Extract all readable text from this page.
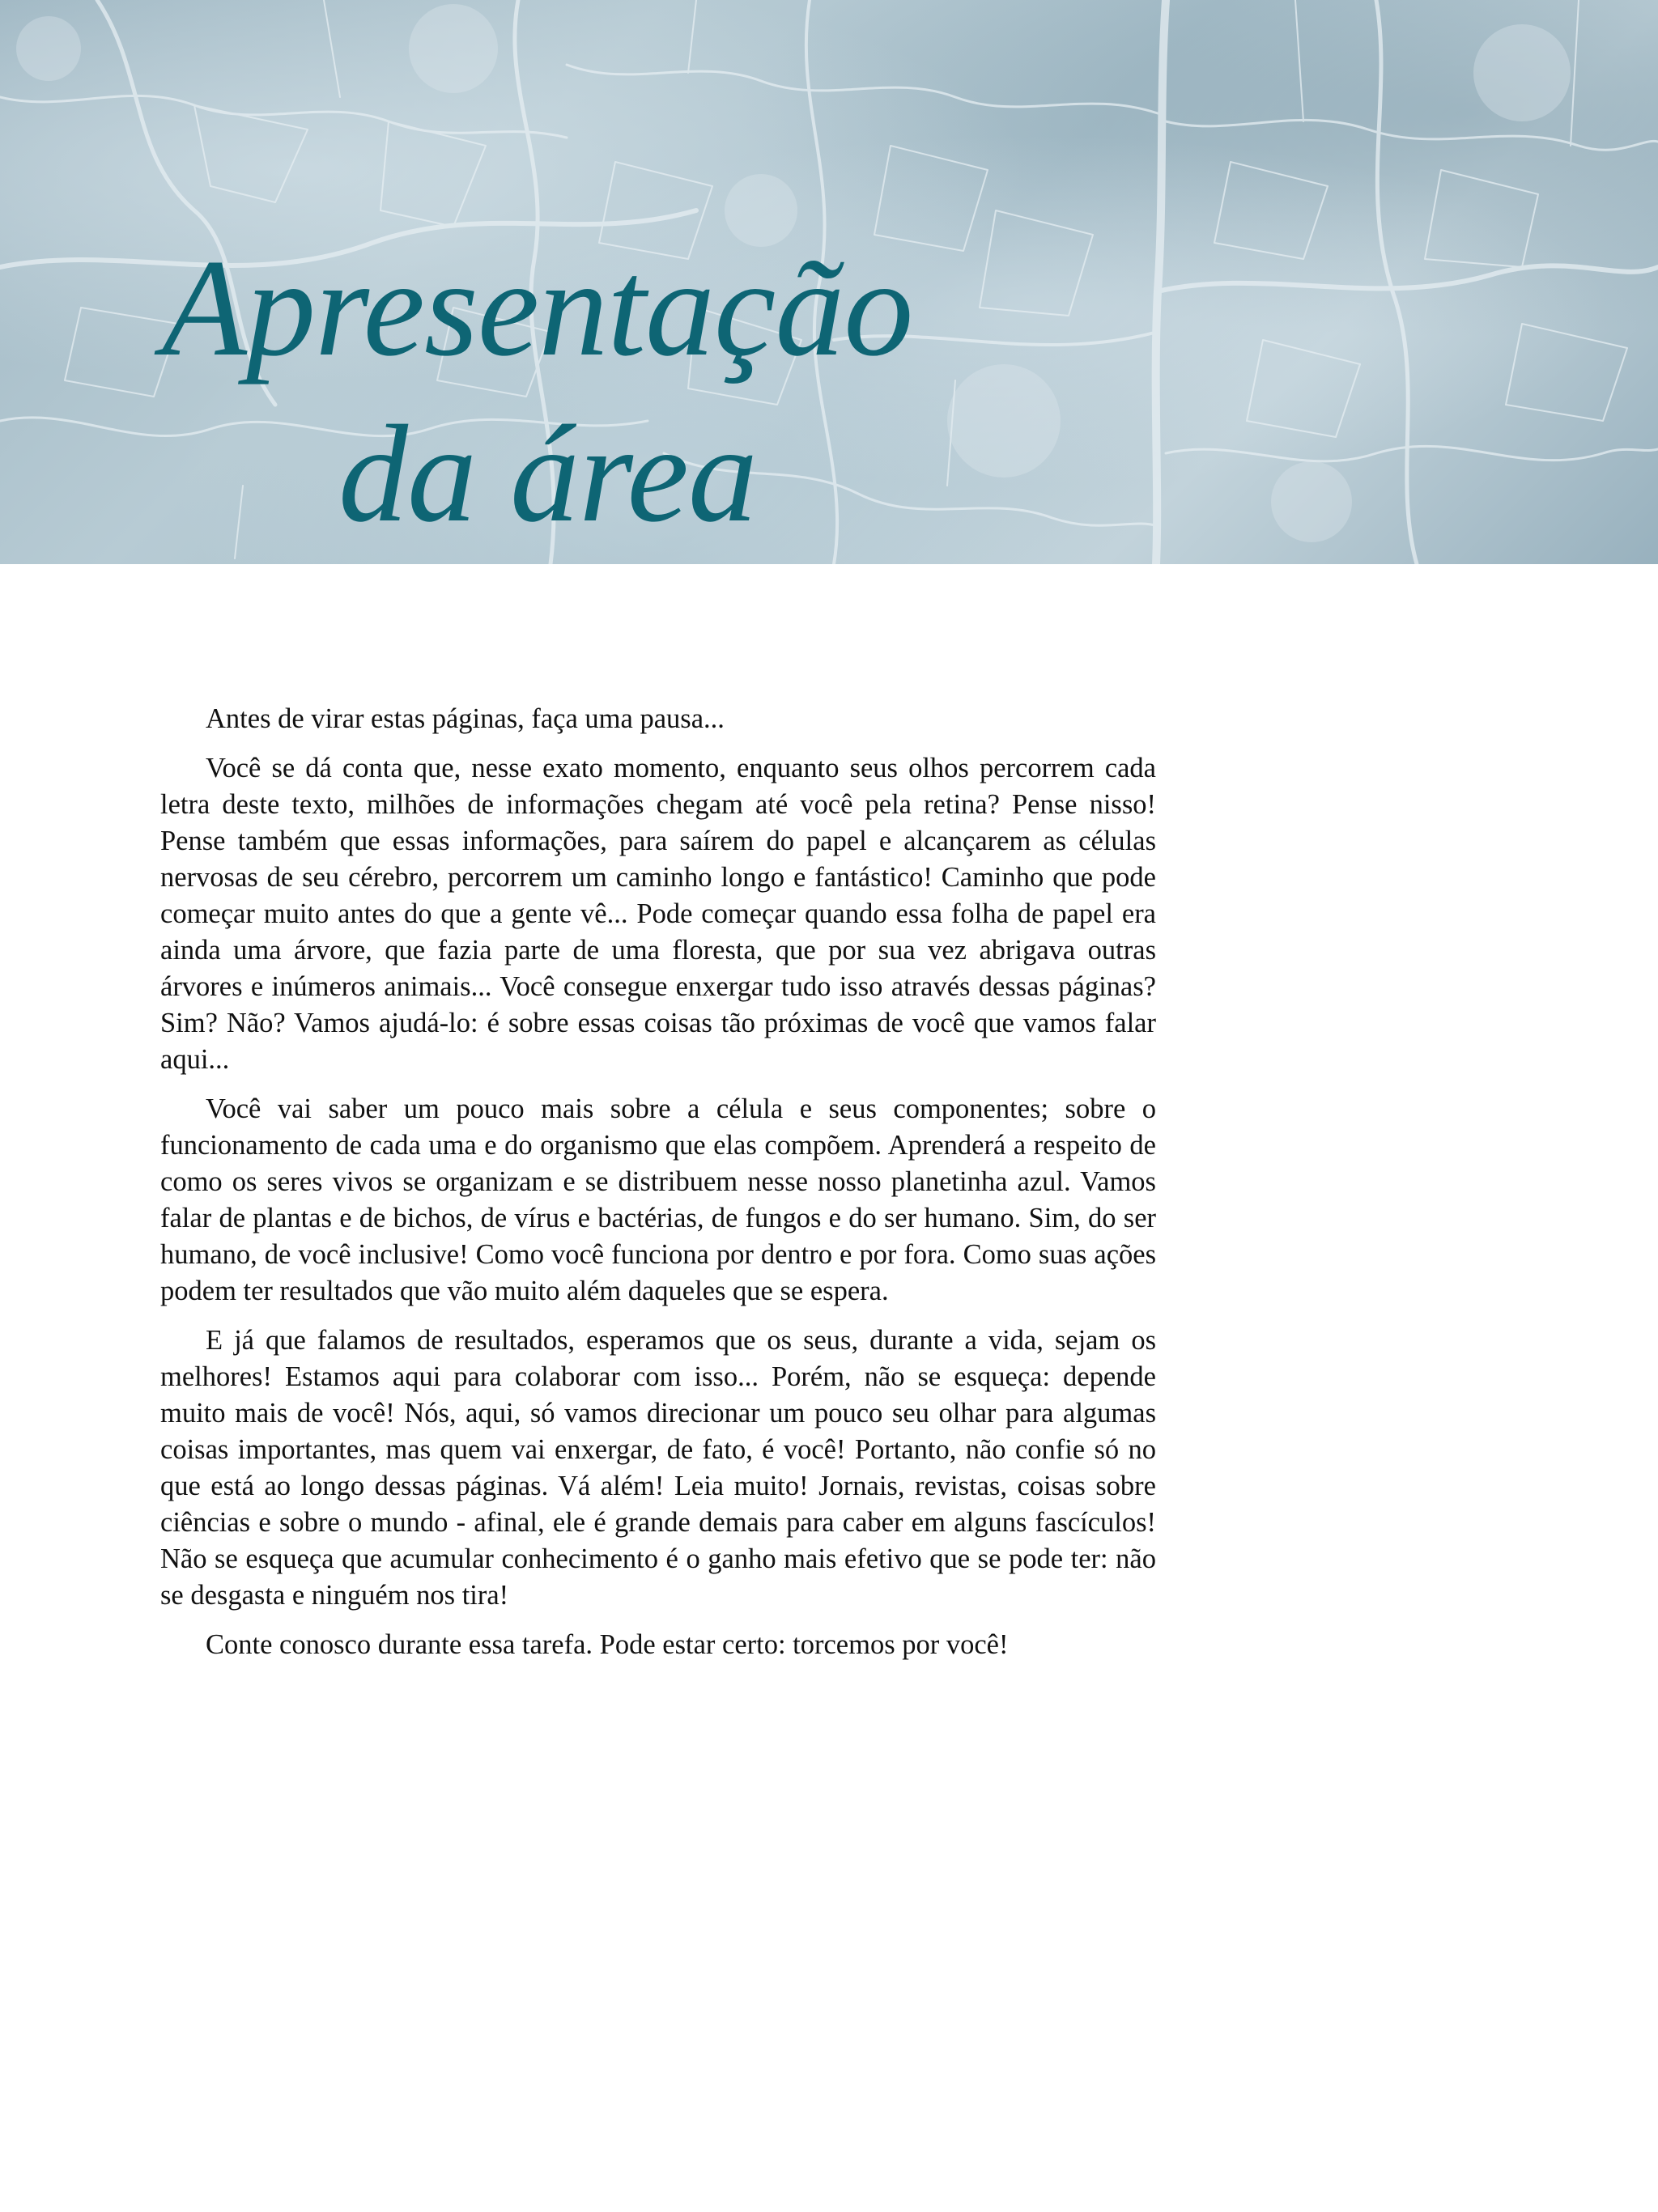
Apresentação
da área

Antes de virar estas páginas, faça uma pausa...

Você se dá conta que, nesse exato momento, enquanto seus olhos percorrem cada letra deste texto, milhões de informações chegam até você pela retina? Pense nisso! Pense também que essas informações, para saírem do papel e alcançarem as células nervosas de seu cérebro, percorrem um caminho longo e fantástico! Caminho que pode começar muito antes do que a gente vê... Pode começar quando essa folha de papel era ainda uma árvore, que fazia parte de uma floresta, que por sua vez abrigava outras árvores e inúmeros animais... Você consegue enxergar tudo isso através dessas páginas? Sim? Não? Vamos ajudá-lo: é sobre essas coisas tão próximas de você que vamos falar aqui...

Você vai saber um pouco mais sobre a célula e seus componentes; sobre o funcionamento de cada uma e do organismo que elas compõem. Aprenderá a respeito de como os seres vivos se organizam e se distribuem nesse nosso planetinha azul. Vamos falar de plantas e de bichos, de vírus e bactérias, de fungos e do ser humano. Sim, do ser humano, de você inclusive! Como você funciona por dentro e por fora. Como suas ações podem ter resultados que vão muito além daqueles que se espera.

E já que falamos de resultados, esperamos que os seus, durante a vida, sejam os melhores! Estamos aqui para colaborar com isso... Porém, não se esqueça: depende muito mais de você! Nós, aqui, só vamos direcionar um pouco seu olhar para algumas coisas importantes, mas quem vai enxergar, de fato, é você! Portanto, não confie só no que está ao longo dessas páginas. Vá além! Leia muito! Jornais, revistas, coisas sobre ciências e sobre o mundo - afinal, ele é grande demais para caber em alguns fascículos! Não se esqueça que acumular conhecimento é o ganho mais efetivo que se pode ter: não se desgasta e ninguém nos tira!

Conte conosco durante essa tarefa. Pode estar certo: torcemos por você!
